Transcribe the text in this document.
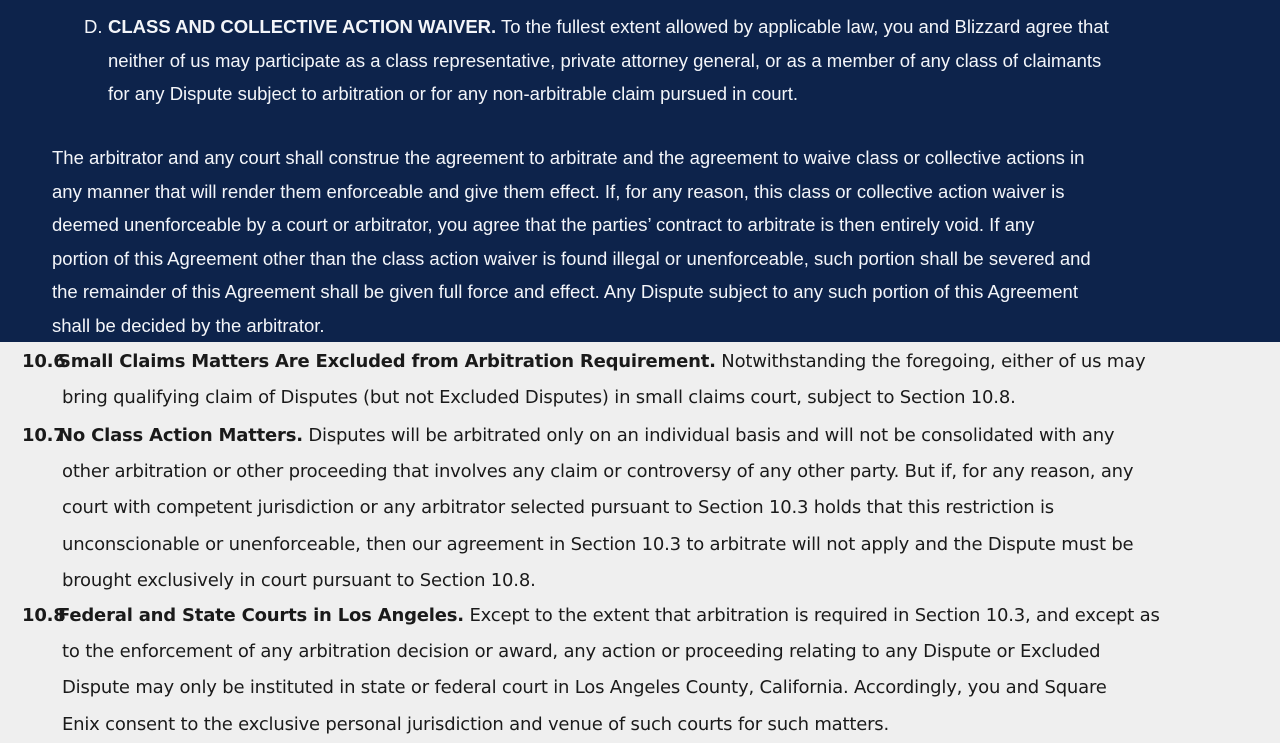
D. CLASS AND COLLECTIVE ACTION WAIVER. To the fullest extent allowed by applicable law, you and Blizzard agree that
neither of us may participate as a class representative, private attorney general, or as a member of any class of claimants
for any Dispute subject to arbitration or for any non-arbitrable claim pursued in court.
The arbitrator and any court shall construe the agreement to arbitrate and the agreement to waive class or collective actions in
any manner that will render them enforceable and give them effect. If, for any reason, this class or collective action waiver is
deemed unenforceable by a court or arbitrator, you agree that the parties’ contract to arbitrate is then entirely void. If any
portion of this Agreement other than the class action waiver is found illegal or unenforceable, such portion shall be severed and
the remainder of this Agreement shall be given full force and effect. Any Dispute subject to any such portion of this Agreement
shall be decided by the arbitrator.
10.6
Small Claims Matters Are Excluded from Arbitration Requirement. Notwithstanding the foregoing, either of us may
bring qualifying claim of Disputes (but not Excluded Disputes) in small claims court, subject to Section 10.8.
10.7
No Class Action Matters. Disputes will be arbitrated only on an individual basis and will not be consolidated with any
other arbitration or other proceeding that involves any claim or controversy of any other party. But if, for any reason, any
court with competent jurisdiction or any arbitrator selected pursuant to Section 10.3 holds that this restriction is
unconscionable or unenforceable, then our agreement in Section 10.3 to arbitrate will not apply and the Dispute must be
brought exclusively in court pursuant to Section 10.8.
10.8
Federal and State Courts in Los Angeles. Except to the extent that arbitration is required in Section 10.3, and except as
to the enforcement of any arbitration decision or award, any action or proceeding relating to any Dispute or Excluded
Dispute may only be instituted in state or federal court in Los Angeles County, California. Accordingly, you and Square
Enix consent to the exclusive personal jurisdiction and venue of such courts for such matters.
